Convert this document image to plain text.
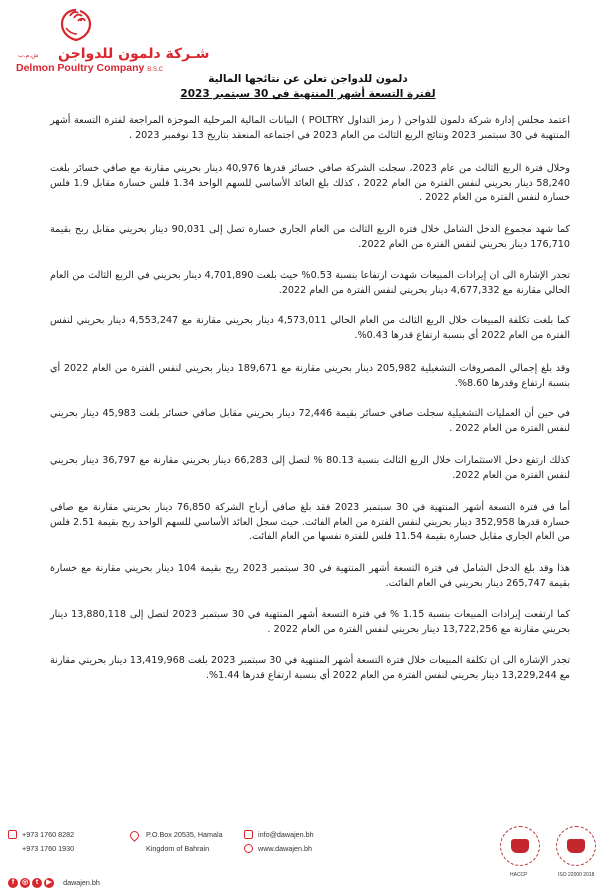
ش.م.ب شـركة دلمون للدواجن
Delmon Poultry Company B.S.C
دلمون للدواجن تعلن عن نتائجها المالية
لفترة التسعة أشهر المنتهية في 30 سبتمبر 2023

اعتمد مجلس إدارة شركة دلمون للدواجن ( رمز التداول POLTRY ) البيانات المالية المرحلية الموجزة المراجعة لفترة التسعة أشهر المنتهية في 30 سبتمبر 2023 ونتائج الربع الثالث من العام 2023 في اجتماعه المنعقد بتاريخ 13 نوفمبر 2023 .

وخلال فترة الربع الثالث من عام 2023، سجلت الشركة صافي خسائر قدرها 40,976 دينار بحريني مقارنة مع صافي خسائر بلغت 58,240 دينار بحريني لنفس الفترة من العام 2022 ، كذلك بلغ العائد الأساسي للسهم الواحد 1.34 فلس خسارة مقابل 1.9 فلس خسارة لنفس الفترة من العام 2022 .

كما شهد مجموع الدخل الشامل خلال فترة الربع الثالث من العام الجاري خسارة تصل إلى 90,031 دينار بحريني مقابل ربح بقيمة 176,710 دينار بحريني لنفس الفترة من العام 2022.

تجدر الإشارة الى ان إيرادات المبيعات شهدت ارتفاعا بنسبة 0.53% حيث بلغت 4,701,890 دينار بحريني في الربع الثالث من العام الحالي مقارنة مع 4,677,332 دينار بحريني لنفس الفترة من العام 2022.

كما بلغت تكلفة المبيعات خلال الربع الثالث من العام الحالي 4,573,011 دينار بحريني مقارنة مع 4,553,247 دينار بحريني لنفس الفترة من العام 2022 أي بنسبة ارتفاع قدرها 0.43%.

وقد بلغ إجمالي المصروفات التشغيلية 205,982 دينار بحريني مقارنة مع 189,671 دينار بحريني لنفس الفترة من العام 2022 أي بنسبة ارتفاع وقدرها 8.60%.

في حين أن العمليات التشغيلية سجلت صافي خسائر بقيمة 72,446 دينار بحريني مقابل صافي خسائر بلغت 45,983 دينار بحريني لنفس الفترة من العام 2022 .

كذلك ارتفع دخل الاستثمارات خلال الربع الثالث بنسبة 80.13 % لتصل إلى 66,283 دينار بحريني مقارنة مع 36,797 دينار بحريني لنفس الفترة من العام 2022.

أما في فترة التسعة أشهر المنتهية في 30 سبتمبر 2023 فقد بلغ صافي أرباح الشركة 76,850 دينار بحريني مقارنة مع صافي خسارة قدرها 352,958 دينار بحريني لنفس الفترة من العام الفائت. حيث سجل العائد الأساسي للسهم الواحد ربح بقيمة 2.51 فلس من العام الجاري مقابل خسارة بقيمة 11.54 فلس للفترة نفسها من العام الفائت.

هذا وقد بلغ الدخل الشامل في فترة التسعة أشهر المنتهية في 30 سبتمبر 2023 ربح بقيمة 104 دينار بحريني مقارنة مع خسارة بقيمة 265,747 دينار بحريني في العام الفائت.

كما ارتفعت إيرادات المبيعات بنسبة 1.15 % في فترة التسعة أشهر المنتهية في 30 سبتمبر 2023 لتصل إلى 13,880,118 دينار بحريني مقارنة مع 13,722,256 دينار بحريني لنفس الفترة من العام 2022 .

تجدر الإشارة الى ان تكلفة المبيعات خلال فترة التسعة أشهر المنتهية في 30 سبتمبر 2023 بلغت 13,419,968 دينار بحريني مقارنة مع 13,229,244 دينار بحريني لنفس الفترة من العام 2022 أي بنسبة ارتفاع قدرها 1.44%.

+973 1760 8282
+973 1760 1930
P.O.Box 20535, Hamala
Kingdom of Bahrain
info@dawajen.bh
www.dawajen.bh
f ◎ t ▶ dawajen.bh
HACCP	ISO 22000 2018
